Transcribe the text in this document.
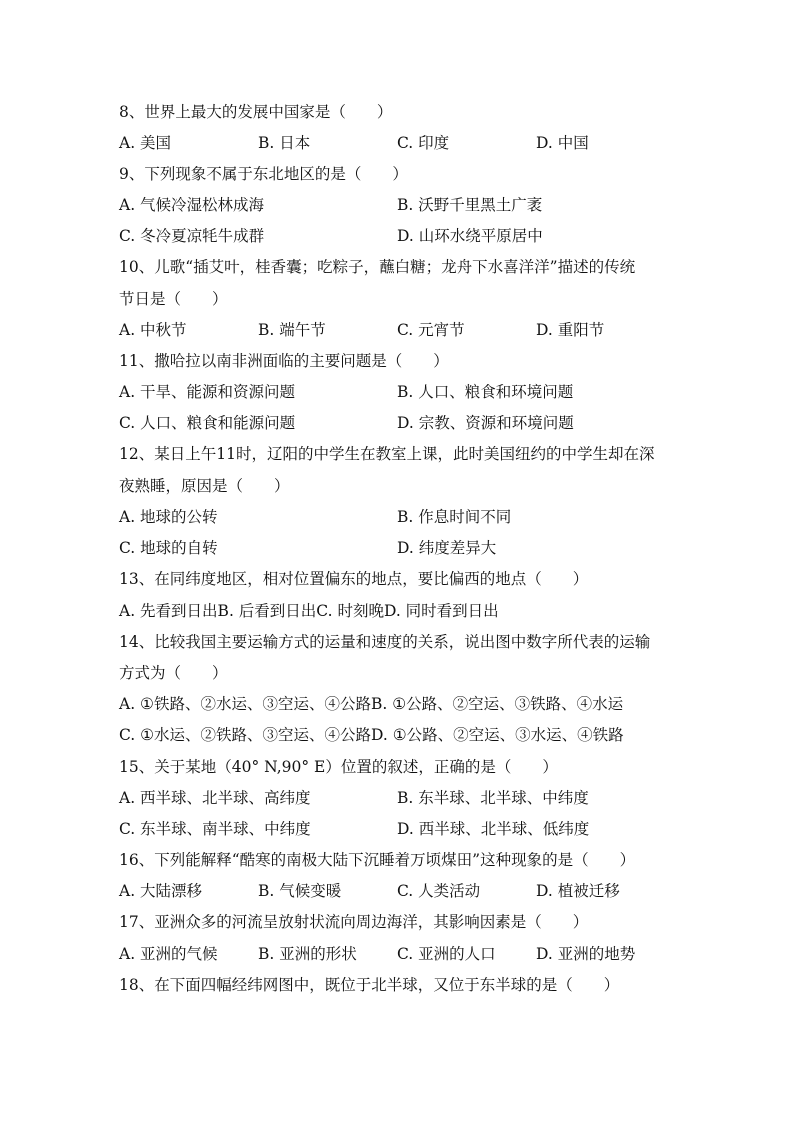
8、世界上最大的发展中国家是（　　）
A. 美国	B. 日本	C. 印度	D. 中国
9、下列现象不属于东北地区的是（　　）
A. 气候冷湿松林成海	B. 沃野千里黑土广袤
C. 冬冷夏凉牦牛成群	D. 山环水绕平原居中
10、儿歌“插艾叶，桂香囊；吃粽子，蘸白糖；龙舟下水喜洋洋”描述的传统
节日是（　　）
A. 中秋节	B. 端午节	C. 元宵节	D. 重阳节
11、撒哈拉以南非洲面临的主要问题是（　　）
A. 干旱、能源和资源问题	B. 人口、粮食和环境问题
C. 人口、粮食和能源问题	D. 宗教、资源和环境问题
12、某日上午11时，辽阳的中学生在教室上课，此时美国纽约的中学生却在深
夜熟睡，原因是（　　）
A. 地球的公转	B. 作息时间不同
C. 地球的自转	D. 纬度差异大
13、在同纬度地区，相对位置偏东的地点，要比偏西的地点（　　）
A. 先看到日出B. 后看到日出C. 时刻晚D. 同时看到日出
14、比较我国主要运输方式的运量和速度的关系，说出图中数字所代表的运输
方式为（　　）
A. ①铁路、②水运、③空运、④公路B. ①公路、②空运、③铁路、④水运
C. ①水运、②铁路、③空运、④公路D. ①公路、②空运、③水运、④铁路
15、关于某地（40° N,90° E）位置的叙述，正确的是（　　）
A. 西半球、北半球、高纬度	B. 东半球、北半球、中纬度
C. 东半球、南半球、中纬度	D. 西半球、北半球、低纬度
16、下列能解释“酷寒的南极大陆下沉睡着万顷煤田”这种现象的是（　　）
A. 大陆漂移	B. 气候变暖	C. 人类活动	D. 植被迁移
17、亚洲众多的河流呈放射状流向周边海洋，其影响因素是（　　）
A. 亚洲的气候	B. 亚洲的形状	C. 亚洲的人口	D. 亚洲的地势
18、在下面四幅经纬网图中，既位于北半球，又位于东半球的是（　　）
